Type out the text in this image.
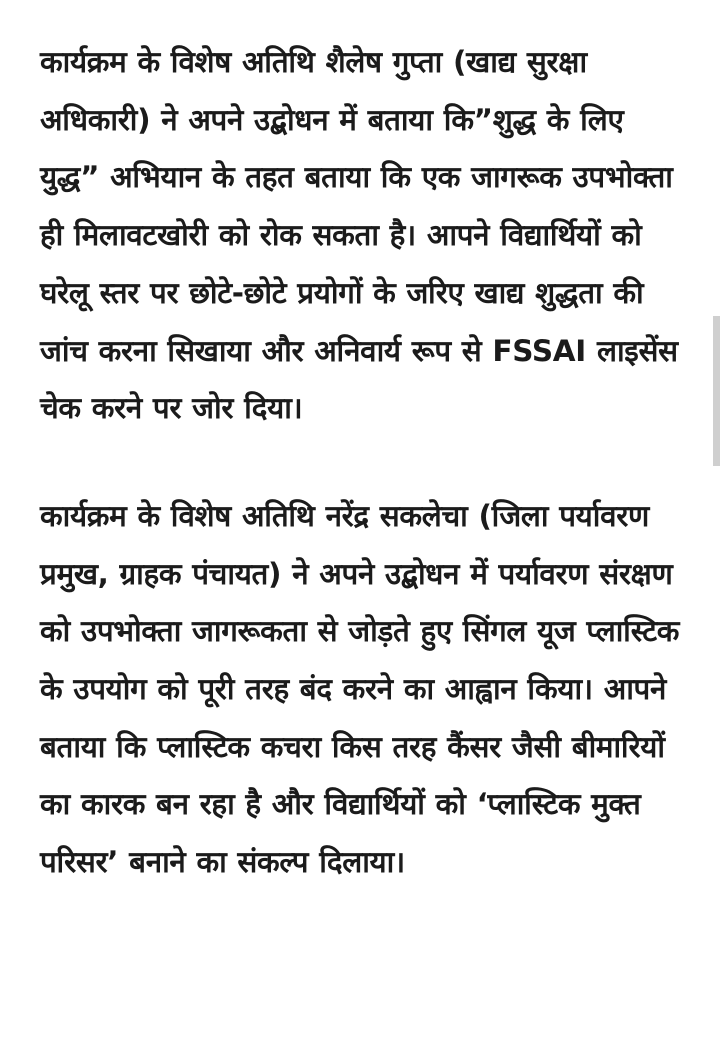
कार्यक्रम के विशेष अतिथि शैलेष गुप्ता (खाद्य सुरक्षा अधिकारी) ने अपने उद्बोधन में बताया कि”शुद्ध के लिए युद्ध” अभियान के तहत बताया कि एक जागरूक उपभोक्ता ही मिलावटखोरी को रोक सकता है। आपने विद्यार्थियों को घरेलू स्तर पर छोटे-छोटे प्रयोगों के जरिए खाद्य शुद्धता की जांच करना सिखाया और अनिवार्य रूप से FSSAI लाइसेंस चेक करने पर जोर दिया।

कार्यक्रम के विशेष अतिथि नरेंद्र सकलेचा (जिला पर्यावरण प्रमुख, ग्राहक पंचायत) ने अपने उद्बोधन में पर्यावरण संरक्षण को उपभोक्ता जागरूकता से जोड़ते हुए सिंगल यूज प्लास्टिक के उपयोग को पूरी तरह बंद करने का आह्वान किया। आपने बताया कि प्लास्टिक कचरा किस तरह कैंसर जैसी बीमारियों का कारक बन रहा है और विद्यार्थियों को ‘प्लास्टिक मुक्त परिसर’ बनाने का संकल्प दिलाया।
